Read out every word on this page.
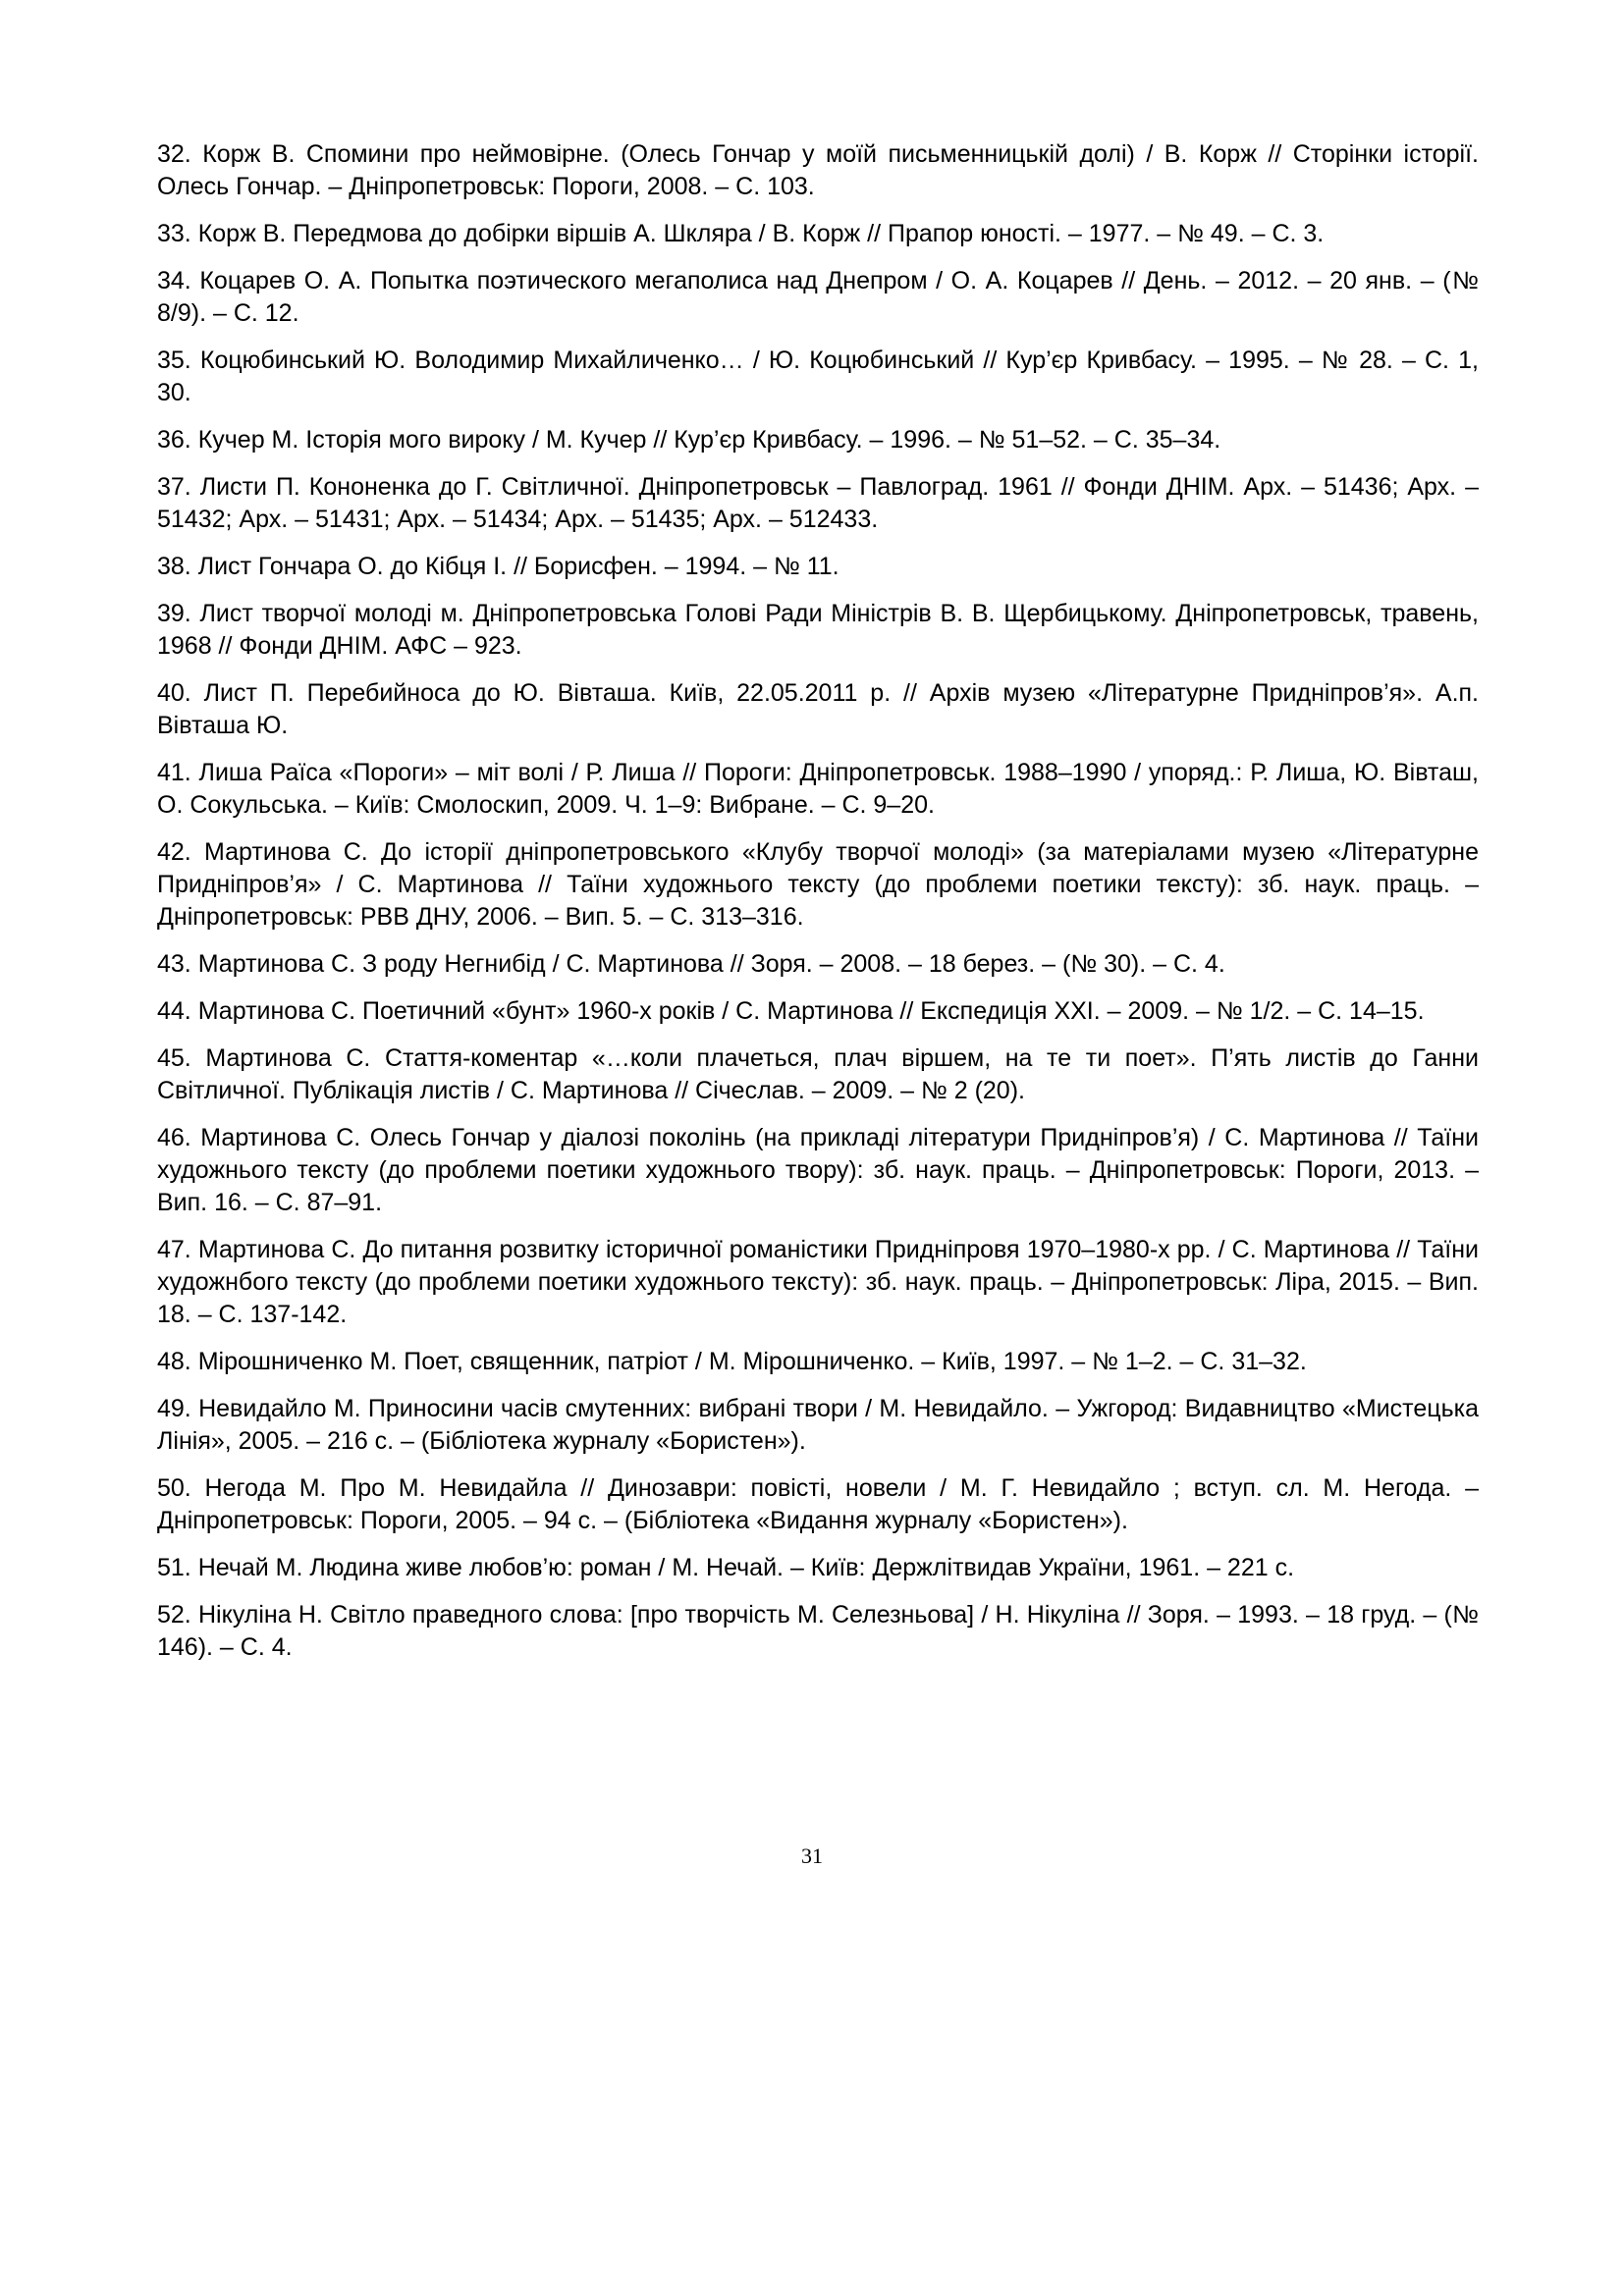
32. Корж В. Спомини про неймовірне. (Олесь Гончар у моїй письменницькій долі) / В. Корж // Сторінки історії. Олесь Гончар. – Дніпропетровськ: Пороги, 2008. – С. 103.

33. Корж В. Передмова до добірки віршів А. Шкляра / В. Корж // Прапор юності. – 1977. – № 49. – С. 3.

34. Коцарев О. А. Попытка поэтического мегаполиса над Днепром / О. А. Коцарев // День. – 2012. – 20 янв. – (№ 8/9). – С. 12.

35. Коцюбинський Ю. Володимир Михайличенко… / Ю. Коцюбинський // Кур’єр Кривбасу. – 1995. – № 28. – С. 1, 30.

36. Кучер М. Історія мого вироку / М. Кучер // Кур’єр Кривбасу. – 1996. – № 51–52. – С. 35–34.

37. Листи П. Кононенка до Г. Світличної. Дніпропетровськ – Павлоград. 1961 // Фонди ДНІМ. Арх. – 51436; Арх. – 51432; Арх. – 51431; Арх. – 51434; Арх. – 51435; Арх. – 512433.

38. Лист Гончара О. до Кібця І. // Борисфен. – 1994. – № 11.

39. Лист творчої молоді м. Дніпропетровська Голові Ради Міністрів В. В. Щербицькому. Дніпропетровськ, травень, 1968 // Фонди ДНІМ. АФС – 923.

40. Лист П. Перебийноса до Ю. Вівташа. Київ, 22.05.2011 р. // Архів музею «Літературне Придніпров’я». А.п. Вівташа Ю.

41. Лиша Раїса «Пороги» – міт волі / Р. Лиша // Пороги: Дніпропетровськ. 1988–1990 / упоряд.: Р. Лиша, Ю. Вівташ, О. Сокульська. – Київ: Смолоскип, 2009. Ч. 1–9: Вибране. – С. 9–20.

42. Мартинова С. До історії дніпропетровського «Клубу творчої молоді» (за матеріалами музею «Літературне Придніпров’я» / С. Мартинова // Таїни художнього тексту (до проблеми поетики тексту): зб. наук. праць. – Дніпропетровськ: РВВ ДНУ, 2006. – Вип. 5. – С. 313–316.

43. Мартинова С. З роду Негнибід / С. Мартинова // Зоря. – 2008. – 18 берез. – (№ 30). – С. 4.

44. Мартинова С. Поетичний «бунт» 1960-х років / С. Мартинова // Експедиція XXI. – 2009. – № 1/2. – С. 14–15.

45. Мартинова С. Стаття-коментар «…коли плачеться, плач віршем, на те ти поет». П’ять листів до Ганни Світличної. Публікація листів / С. Мартинова // Січеслав. – 2009. – № 2 (20).

46. Мартинова С. Олесь Гончар у діалозі поколінь (на прикладі літератури Придніпров’я) / С. Мартинова // Таїни художнього тексту (до проблеми поетики художнього твору): зб. наук. праць. – Дніпропетровськ: Пороги, 2013. – Вип. 16. – С. 87–91.

47. Мартинова С. До питання розвитку історичної романістики Придніпровя 1970–1980-х рр. / С. Мартинова // Таїни художнбого тексту (до проблеми поетики художнього тексту): зб. наук. праць. – Дніпропетровськ: Ліра, 2015. – Вип. 18. – С. 137-142.

48. Мірошниченко М. Поет, священник, патріот / М. Мірошниченко. – Київ, 1997. – № 1–2. – С. 31–32.

49. Невидайло М. Приносини часів смутенних: вибрані твори / М. Невидайло. – Ужгород: Видавництво «Мистецька Лінія», 2005. – 216 с. – (Бібліотека журналу «Бористен»).

50. Негода М. Про М. Невидайла // Динозаври: повісті, новели / М. Г. Невидайло ; вступ. сл. М. Негода. – Дніпропетровськ: Пороги, 2005. – 94 с. – (Бібліотека «Видання журналу «Бористен»).

51. Нечай М. Людина живе любов’ю: роман / М. Нечай. – Київ: Держлітвидав України, 1961. – 221 с.

52. Нікуліна Н. Світло праведного слова: [про творчість М. Селезньова] / Н. Нікуліна // Зоря. – 1993. – 18 груд. – (№ 146). – С. 4.

31
